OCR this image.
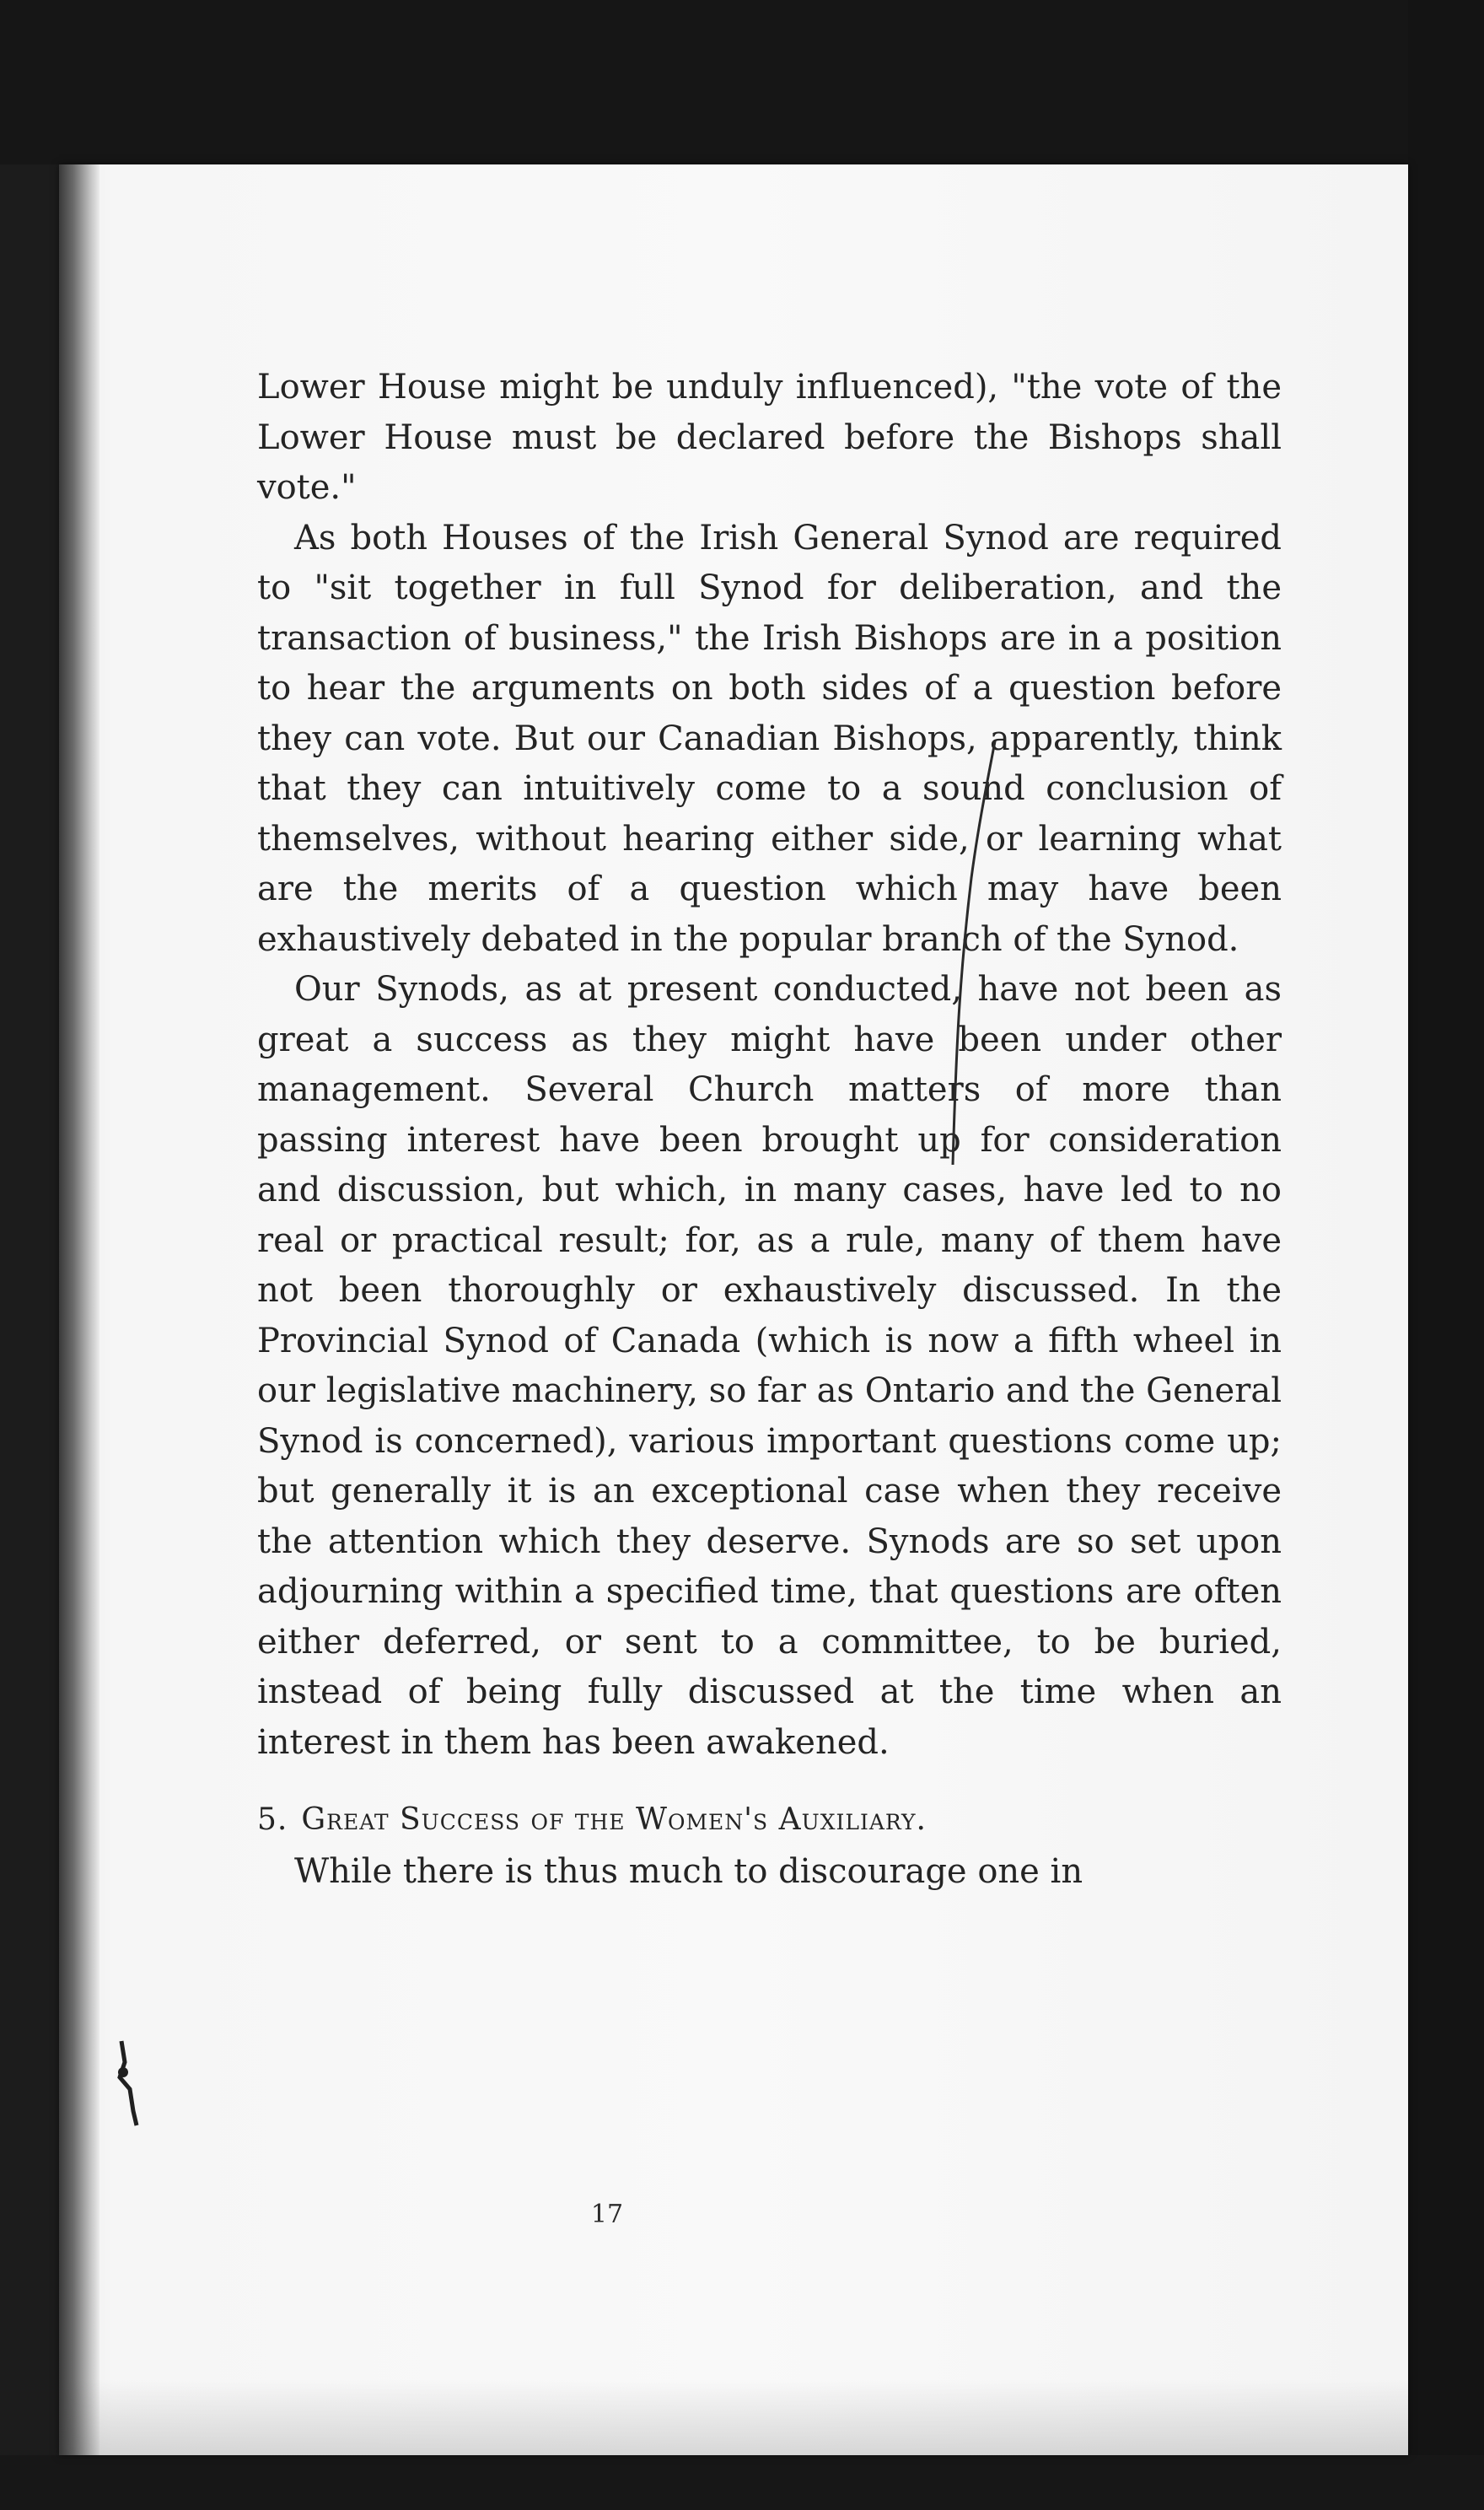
Lower House might be unduly influenced), "the vote of the Lower House must be declared before the Bishops shall vote."

As both Houses of the Irish General Synod are required to "sit together in full Synod for deliberation, and the transaction of business," the Irish Bishops are in a position to hear the arguments on both sides of a question before they can vote. But our Canadian Bishops, apparently, think that they can intuitively come to a sound conclusion of themselves, without hearing either side, or learning what are the merits of a question which may have been exhaustively debated in the popular branch of the Synod.

Our Synods, as at present conducted, have not been as great a success as they might have been under other management. Several Church matters of more than passing interest have been brought up for consideration and discussion, but which, in many cases, have led to no real or practical result; for, as a rule, many of them have not been thoroughly or exhaustively discussed. In the Provincial Synod of Canada (which is now a fifth wheel in our legislative machinery, so far as Ontario and the General Synod is concerned), various important questions come up; but generally it is an exceptional case when they receive the attention which they deserve. Synods are so set upon adjourning within a specified time, that questions are often either deferred, or sent to a committee, to be buried, instead of being fully discussed at the time when an interest in them has been awakened.

5. Great Success of the Women's Auxiliary.

While there is thus much to discourage one in

17
